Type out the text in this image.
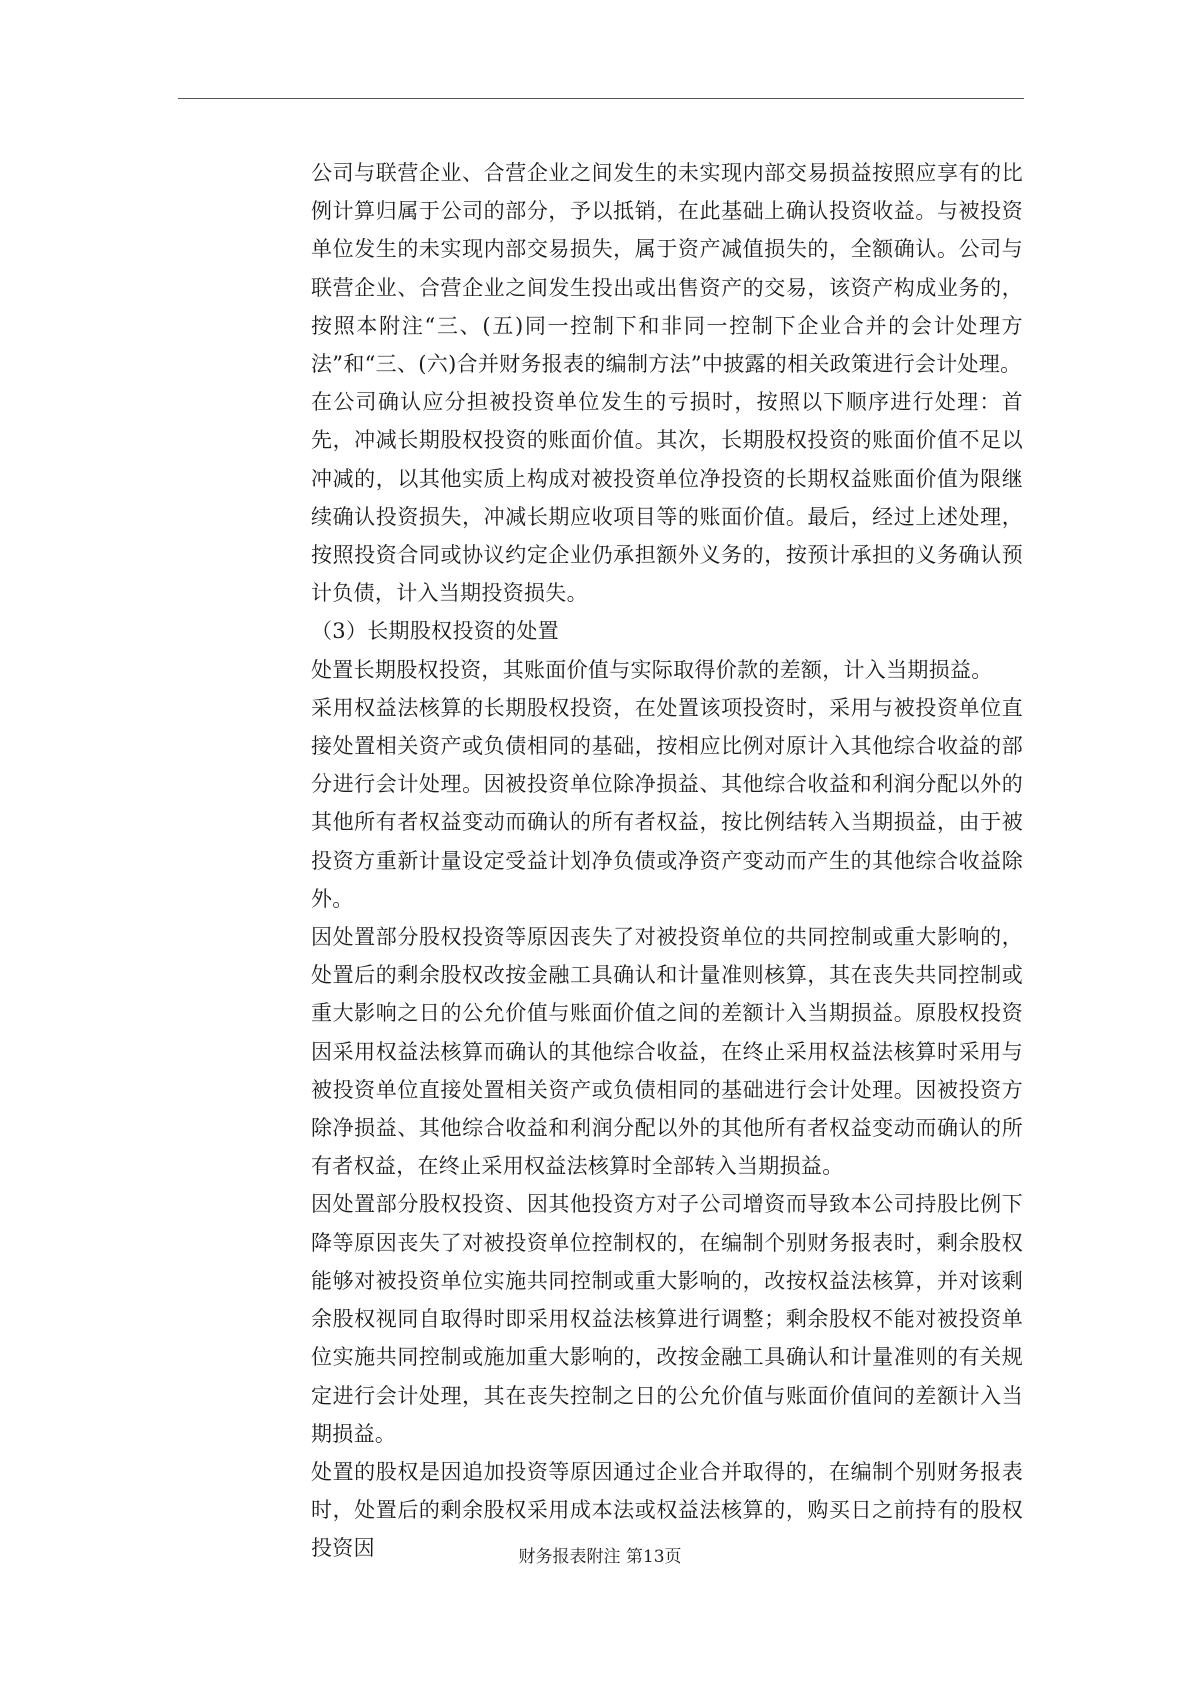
公司与联营企业、合营企业之间发生的未实现内部交易损益按照应享有的比例计算归属于公司的部分，予以抵销，在此基础上确认投资收益。与被投资单位发生的未实现内部交易损失，属于资产减值损失的，全额确认。公司与联营企业、合营企业之间发生投出或出售资产的交易，该资产构成业务的，按照本附注“三、(五)同一控制下和非同一控制下企业合并的会计处理方法”和“三、(六)合并财务报表的编制方法”中披露的相关政策进行会计处理。

在公司确认应分担被投资单位发生的亏损时，按照以下顺序进行处理：首先，冲减长期股权投资的账面价值。其次，长期股权投资的账面价值不足以冲减的，以其他实质上构成对被投资单位净投资的长期权益账面价值为限继续确认投资损失，冲减长期应收项目等的账面价值。最后，经过上述处理，按照投资合同或协议约定企业仍承担额外义务的，按预计承担的义务确认预计负债，计入当期投资损失。

（3）长期股权投资的处置

处置长期股权投资，其账面价值与实际取得价款的差额，计入当期损益。

采用权益法核算的长期股权投资，在处置该项投资时，采用与被投资单位直接处置相关资产或负债相同的基础，按相应比例对原计入其他综合收益的部分进行会计处理。因被投资单位除净损益、其他综合收益和利润分配以外的其他所有者权益变动而确认的所有者权益，按比例结转入当期损益，由于被投资方重新计量设定受益计划净负债或净资产变动而产生的其他综合收益除外。

因处置部分股权投资等原因丧失了对被投资单位的共同控制或重大影响的，处置后的剩余股权改按金融工具确认和计量准则核算，其在丧失共同控制或重大影响之日的公允价值与账面价值之间的差额计入当期损益。原股权投资因采用权益法核算而确认的其他综合收益，在终止采用权益法核算时采用与被投资单位直接处置相关资产或负债相同的基础进行会计处理。因被投资方除净损益、其他综合收益和利润分配以外的其他所有者权益变动而确认的所有者权益，在终止采用权益法核算时全部转入当期损益。

因处置部分股权投资、因其他投资方对子公司增资而导致本公司持股比例下降等原因丧失了对被投资单位控制权的，在编制个别财务报表时，剩余股权能够对被投资单位实施共同控制或重大影响的，改按权益法核算，并对该剩余股权视同自取得时即采用权益法核算进行调整；剩余股权不能对被投资单位实施共同控制或施加重大影响的，改按金融工具确认和计量准则的有关规定进行会计处理，其在丧失控制之日的公允价值与账面价值间的差额计入当期损益。

处置的股权是因追加投资等原因通过企业合并取得的，在编制个别财务报表时，处置后的剩余股权采用成本法或权益法核算的，购买日之前持有的股权投资因	财务报表附注 第13页
